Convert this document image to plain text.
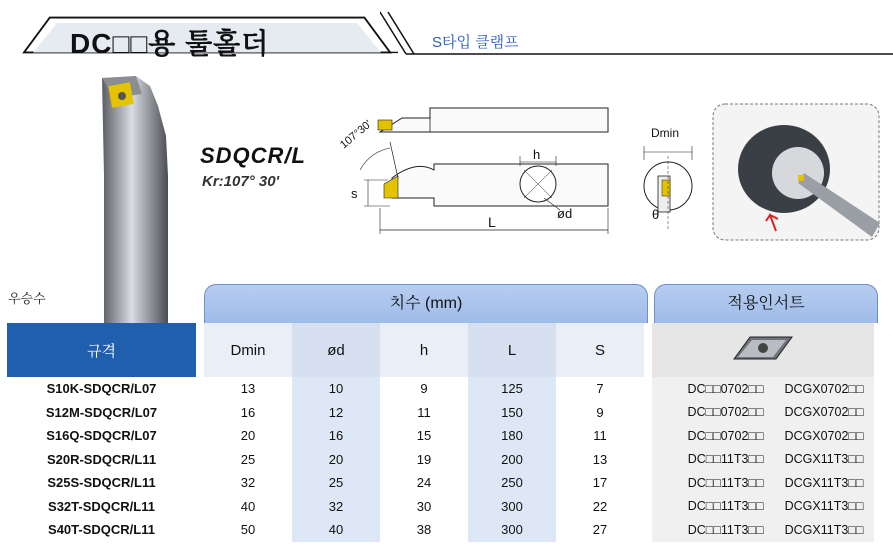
DC□□용 툴홀더	S타입 클램프
SDQCR/L
Kr:107° 30'
우승수
107°30'
s
h
ød
L
Dmin
θ
치수 (mm)	적용인서트
규격		Dmin	ød	h	L	S		
S10K-SDQCR/L07		13	10	9	125	7		DC□□0702□□ DCGX0702□□
S12M-SDQCR/L07		16	12	11	150	9		DC□□0702□□ DCGX0702□□
S16Q-SDQCR/L07		20	16	15	180	11		DC□□0702□□ DCGX0702□□
S20R-SDQCR/L11		25	20	19	200	13		DC□□11T3□□ DCGX11T3□□
S25S-SDQCR/L11		32	25	24	250	17		DC□□11T3□□ DCGX11T3□□
S32T-SDQCR/L11		40	32	30	300	22		DC□□11T3□□ DCGX11T3□□
S40T-SDQCR/L11		50	40	38	300	27		DC□□11T3□□ DCGX11T3□□
